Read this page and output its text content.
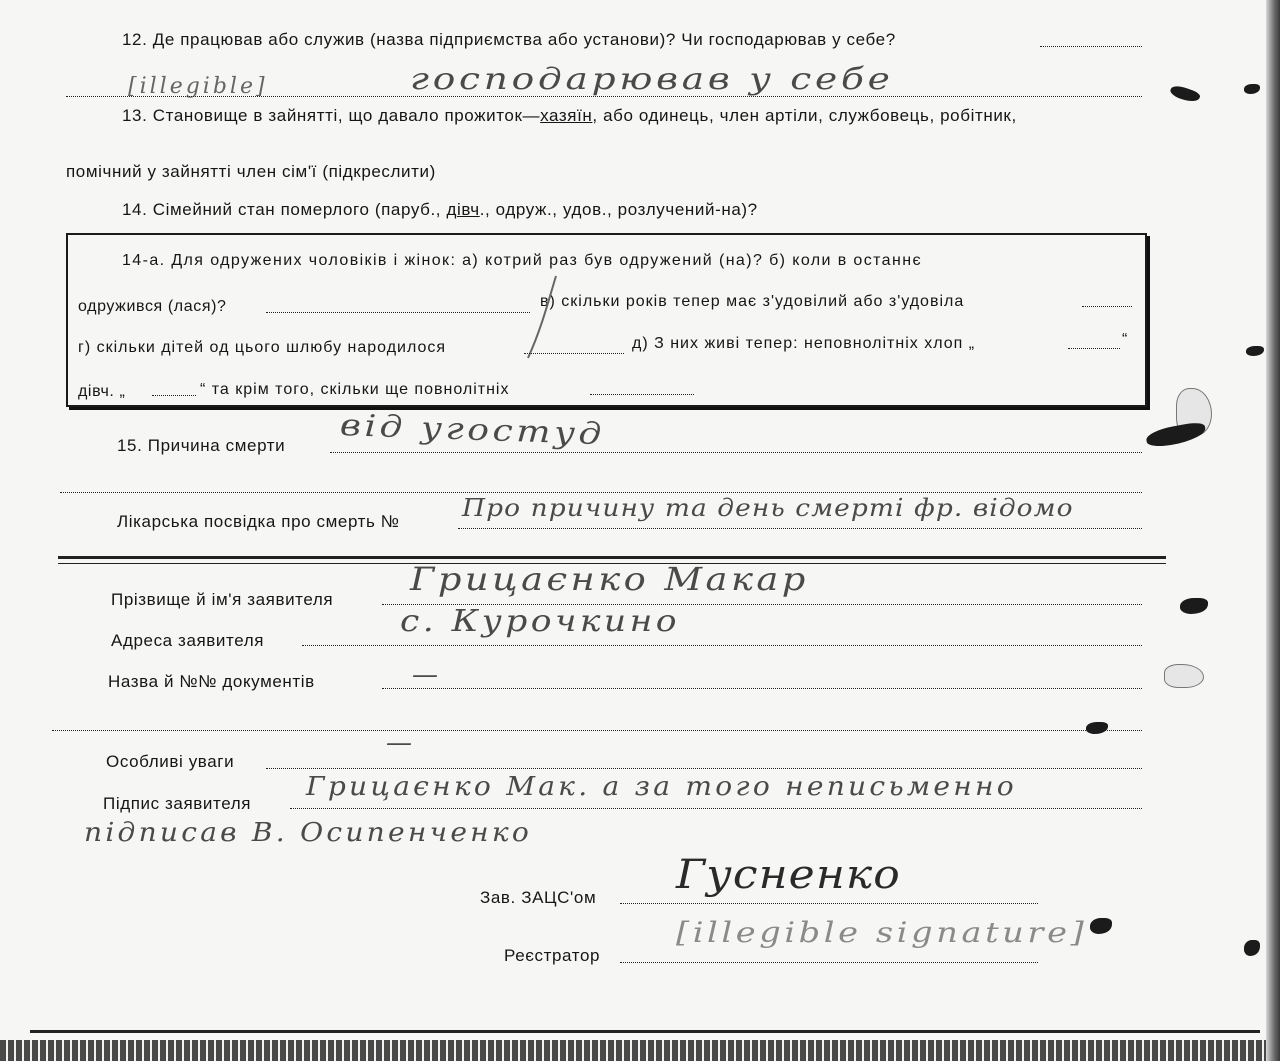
12. Де працював або служив (назва підприємства або установи)? Чи господарював у себе?
[illegible]	господарював у себе
13. Становище в зайнятті, що давало прожиток—хазяїн, або одинець, член артіли, службовець, робітник,
помічний у зайнятті член сім'ї (підкреслити)
14. Сімейний стан померлого (паруб., дівч., одруж., удов., розлучений-на)?
14-а. Для одружених чоловіків і жінок: а) котрий раз був одружений (на)? б) коли в останнє
одружився (лася)?	в) скільки років тепер має з'удовілий або з'удовіла
г) скільки дітей од цього шлюбу народилося	д) З них живі тепер: неповнолітніх хлоп „	“
дівч. „	“ та крім того, скільки ще повнолітніх
15. Причина смерти від угостуд
Лікарська посвідка про смерть №	Про причину та день смерті фр. відомо
Прізвище й ім'я заявителя
Грицаєнко Макар
Адреса заявителя
с. Курочкино
Назва й №№ документів	—
Особливі уваги
—
Підпис заявителя
Грицаєнко Мак. а за того неписьменно
підписав В. Осипенченко
Зав. ЗАЦС'ом Гусненко
Реєстратор
[illegible signature]
